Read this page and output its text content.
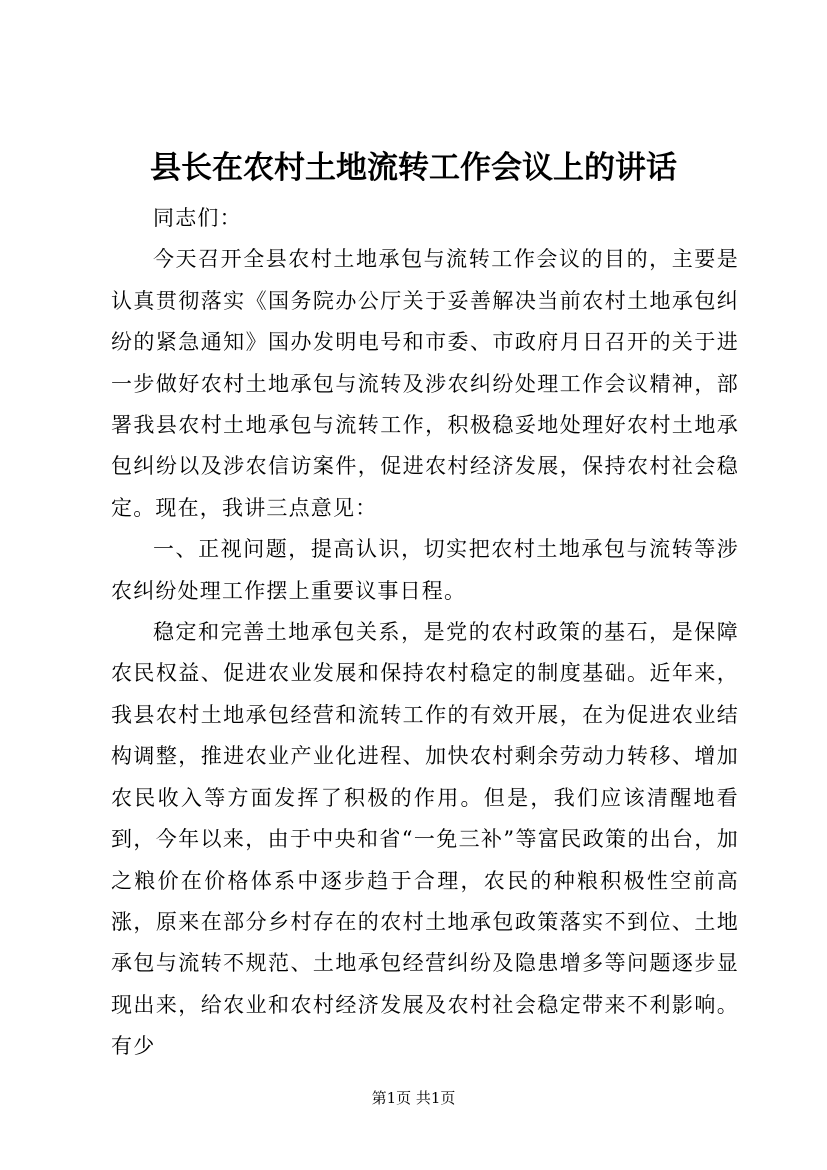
县长在农村土地流转工作会议上的讲话

同志们：

今天召开全县农村土地承包与流转工作会议的目的，主要是认真贯彻落实《国务院办公厅关于妥善解决当前农村土地承包纠纷的紧急通知》国办发明电号和市委、市政府月日召开的关于进一步做好农村土地承包与流转及涉农纠纷处理工作会议精神，部署我县农村土地承包与流转工作，积极稳妥地处理好农村土地承包纠纷以及涉农信访案件，促进农村经济发展，保持农村社会稳定。现在，我讲三点意见：

一、正视问题，提高认识，切实把农村土地承包与流转等涉农纠纷处理工作摆上重要议事日程。

稳定和完善土地承包关系，是党的农村政策的基石，是保障农民权益、促进农业发展和保持农村稳定的制度基础。近年来，我县农村土地承包经营和流转工作的有效开展，在为促进农业结构调整，推进农业产业化进程、加快农村剩余劳动力转移、增加农民收入等方面发挥了积极的作用。但是，我们应该清醒地看到，今年以来，由于中央和省“一免三补”等富民政策的出台，加之粮价在价格体系中逐步趋于合理，农民的种粮积极性空前高涨，原来在部分乡村存在的农村土地承包政策落实不到位、土地承包与流转不规范、土地承包经营纠纷及隐患增多等问题逐步显现出来，给农业和农村经济发展及农村社会稳定带来不利影响。有少

第1页 共1页
